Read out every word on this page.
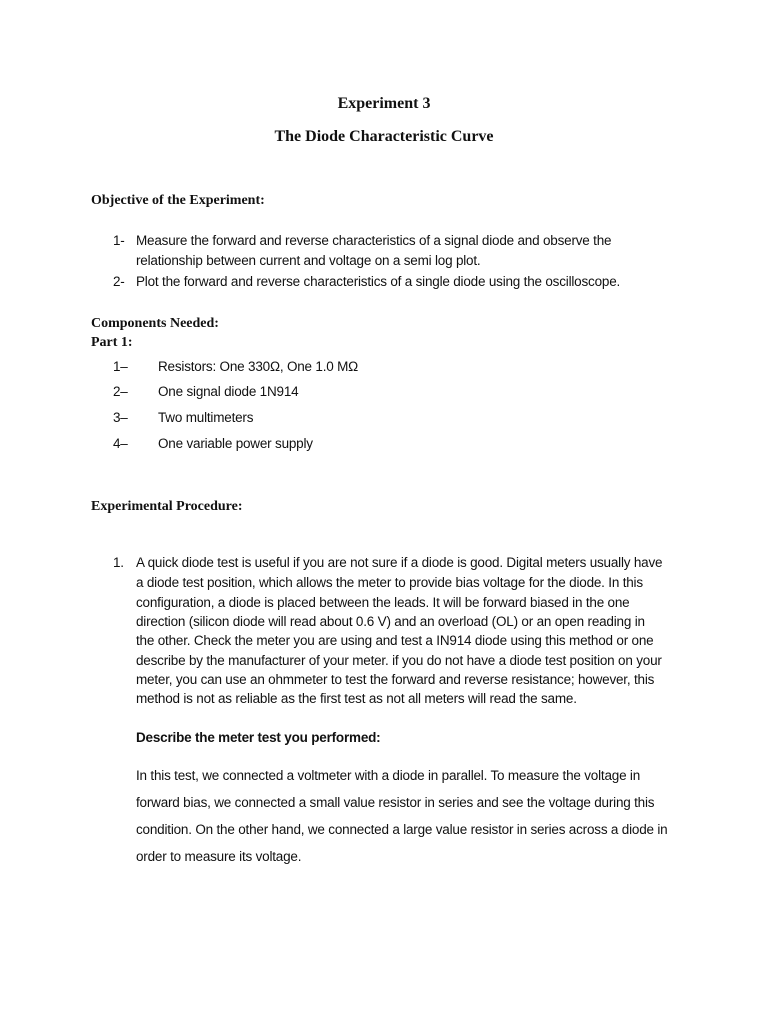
Experiment 3
The Diode Characteristic Curve
Objective of the Experiment:
1- Measure the forward and reverse characteristics of a signal diode and observe the
relationship between current and voltage on a semi log plot.
2- Plot the forward and reverse characteristics of a single diode using the oscilloscope.
Components Needed:
Part 1:
1– Resistors: One 330Ω, One 1.0 MΩ
2– One signal diode 1N914
3– Two multimeters
4– One variable power supply
Experimental Procedure:
1. A quick diode test is useful if you are not sure if a diode is good. Digital meters usually have
a diode test position, which allows the meter to provide bias voltage for the diode. In this
configuration, a diode is placed between the leads. It will be forward biased in the one
direction (silicon diode will read about 0.6 V) and an overload (OL) or an open reading in
the other. Check the meter you are using and test a IN914 diode using this method or one
describe by the manufacturer of your meter. if you do not have a diode test position on your
meter, you can use an ohmmeter to test the forward and reverse resistance; however, this
method is not as reliable as the first test as not all meters will read the same.
Describe the meter test you performed:
In this test, we connected a voltmeter with a diode in parallel. To measure the voltage in
forward bias, we connected a small value resistor in series and see the voltage during this
condition. On the other hand, we connected a large value resistor in series across a diode in
order to measure its voltage.
